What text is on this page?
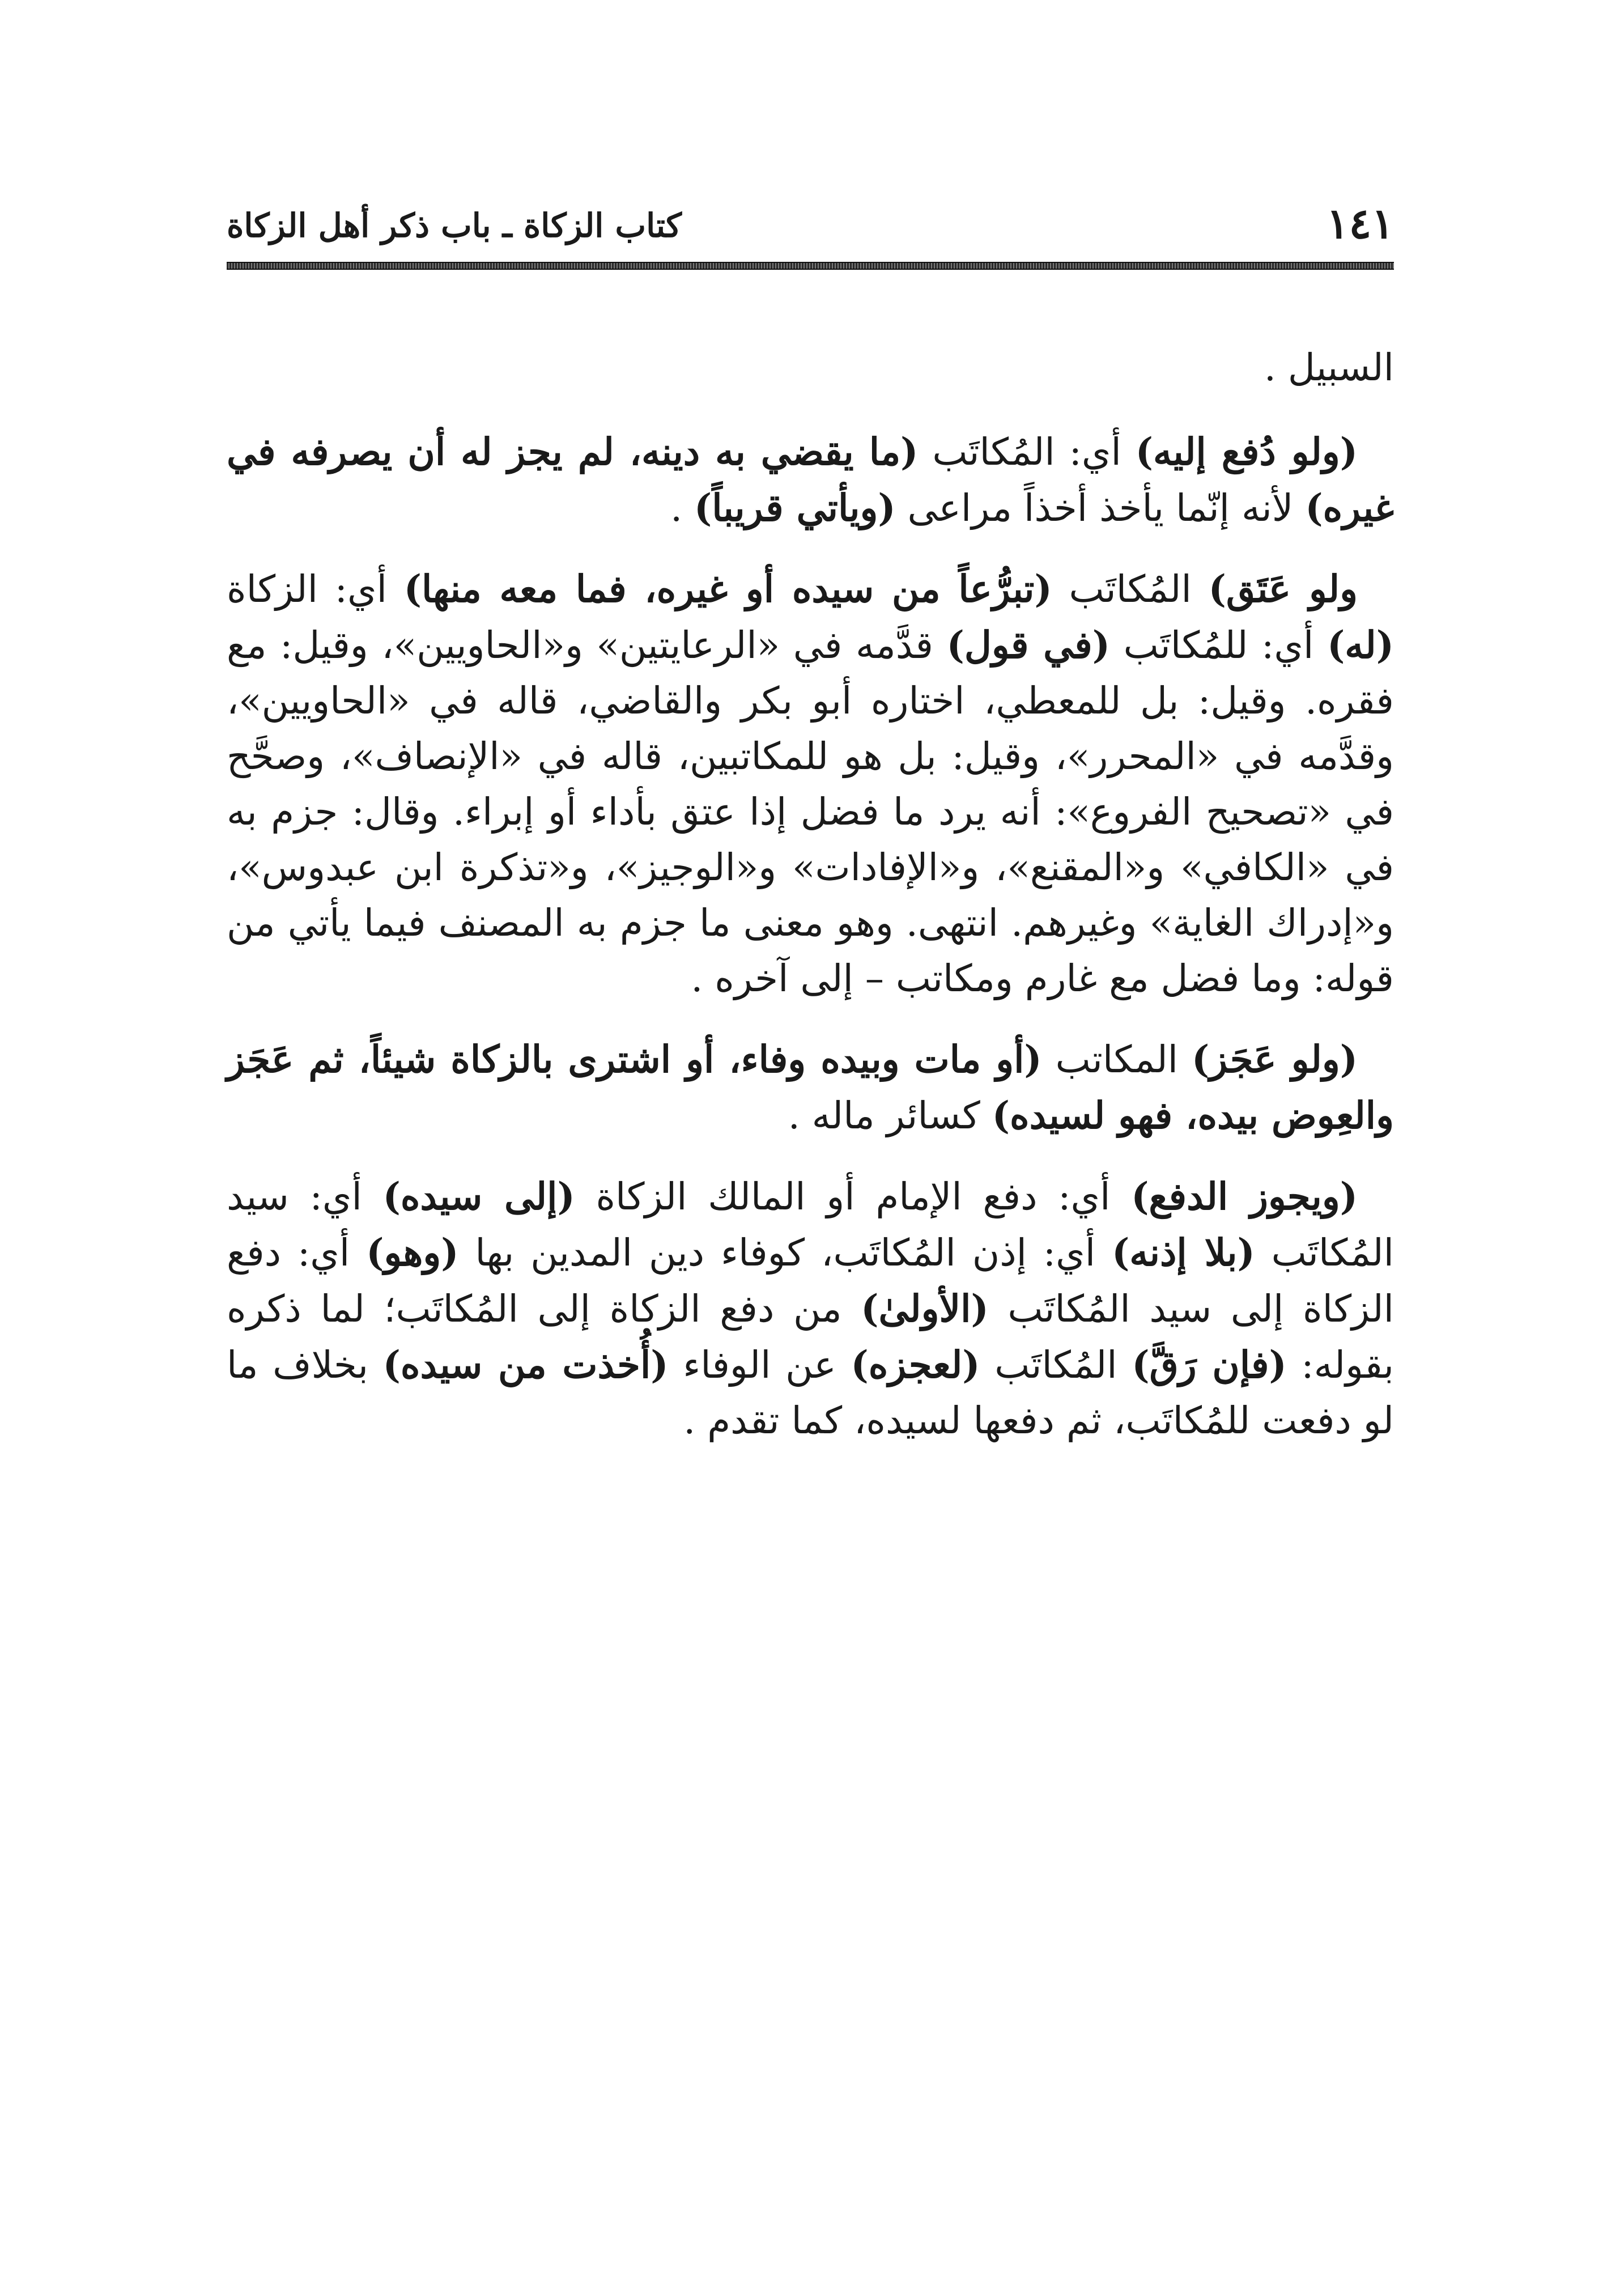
١٤١
كتاب الزكاة ـ باب ذكر أهل الزكاة

السبيل .

(ولو دُفع إليه) أي: المُكاتَب (ما يقضي به دينه، لم يجز له أن يصرفه في غيره) لأنه إنّما يأخذ أخذاً مراعى (ويأتي قريباً) .

ولو عَتَق) المُكاتَب (تبرُّعاً من سيده أو غيره، فما معه منها) أي: الزكاة (له) أي: للمُكاتَب (في قول) قدَّمه في «الرعايتين» و«الحاويين»، وقيل: مع فقره. وقيل: بل للمعطي، اختاره أبو بكر والقاضي، قاله في «الحاويين»، وقدَّمه في «المحرر»، وقيل: بل هو للمكاتبين، قاله في «الإنصاف»، وصحَّح في «تصحيح الفروع»: أنه يرد ما فضل إذا عتق بأداء أو إبراء. وقال: جزم به في «الكافي» و«المقنع»، و«الإفادات» و«الوجيز»، و«تذكرة ابن عبدوس»، و«إدراك الغاية» وغيرهم. انتهى. وهو معنى ما جزم به المصنف فيما يأتي من قوله: وما فضل مع غارم ومكاتب – إلى آخره .

(ولو عَجَز) المكاتب (أو مات وبيده وفاء، أو اشترى بالزكاة شيئاً، ثم عَجَز والعِوض بيده، فهو لسيده) كسائر ماله .

(ويجوز الدفع) أي: دفع الإمام أو المالك الزكاة (إلى سيده) أي: سيد المُكاتَب (بلا إذنه) أي: إذن المُكاتَب، كوفاء دين المدين بها (وهو) أي: دفع الزكاة إلى سيد المُكاتَب (الأولىٰ) من دفع الزكاة إلى المُكاتَب؛ لما ذكره بقوله: (فإن رَقَّ) المُكاتَب (لعجزه) عن الوفاء (أُخذت من سيده) بخلاف ما لو دفعت للمُكاتَب، ثم دفعها لسيده، كما تقدم .
